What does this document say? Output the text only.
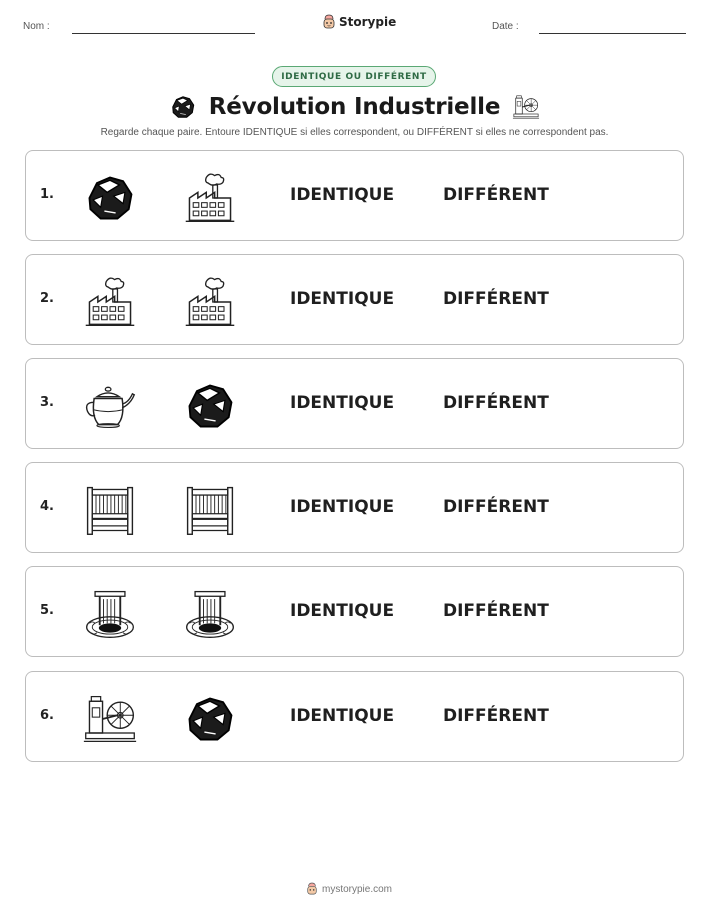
Nom :	Storypie	Date :
IDENTIQUE OU DIFFÉRENT
Révolution Industrielle
Regarde chaque paire. Entoure IDENTIQUE si elles correspondent, ou DIFFÉRENT si elles ne correspondent pas.
1.	IDENTIQUE	DIFFÉRENT
2.	IDENTIQUE	DIFFÉRENT
3.	IDENTIQUE	DIFFÉRENT
4.	IDENTIQUE	DIFFÉRENT
5.	IDENTIQUE	DIFFÉRENT
6.	IDENTIQUE	DIFFÉRENT
mystorypie.com
